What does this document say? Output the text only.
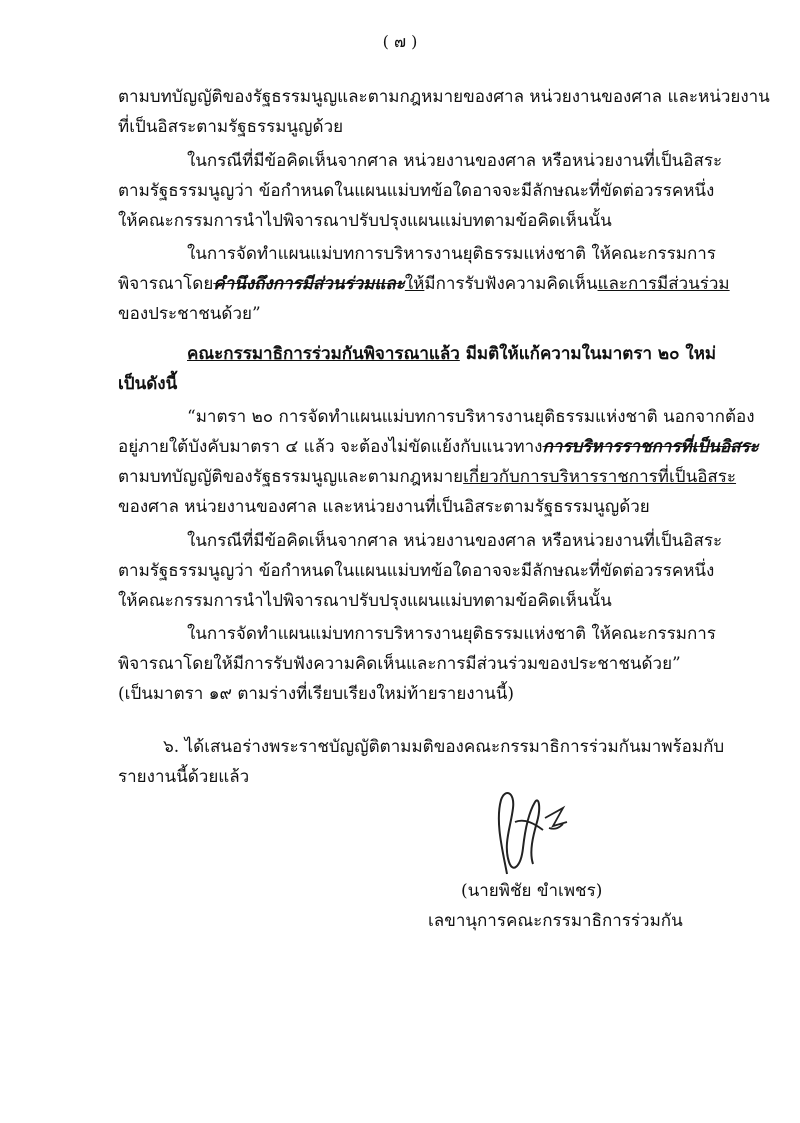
( ๗ )
ตามบทบัญญัติของรัฐธรรมนูญและตามกฎหมายของศาล หน่วยงานของศาล และหน่วยงาน
ที่เป็นอิสระตามรัฐธรรมนูญด้วย
ในกรณีที่มีข้อคิดเห็นจากศาล หน่วยงานของศาล หรือหน่วยงานที่เป็นอิสระ
ตามรัฐธรรมนูญว่า ข้อกำหนดในแผนแม่บทข้อใดอาจจะมีลักษณะที่ขัดต่อวรรคหนึ่ง
ให้คณะกรรมการนำไปพิจารณาปรับปรุงแผนแม่บทตามข้อคิดเห็นนั้น
ในการจัดทำแผนแม่บทการบริหารงานยุติธรรมแห่งชาติ ให้คณะกรรมการ
พิจารณาโดยคำนึงถึงการมีส่วนร่วมและให้มีการรับฟังความคิดเห็นและการมีส่วนร่วม
ของประชาชนด้วย”
คณะกรรมาธิการร่วมกันพิจารณาแล้ว มีมติให้แก้ความในมาตรา ๒๐ ใหม่
เป็นดังนี้
“มาตรา ๒๐ การจัดทำแผนแม่บทการบริหารงานยุติธรรมแห่งชาติ นอกจากต้อง
อยู่ภายใต้บังคับมาตรา ๔ แล้ว จะต้องไม่ขัดแย้งกับแนวทางการบริหารราชการที่เป็นอิสระ
ตามบทบัญญัติของรัฐธรรมนูญและตามกฎหมายเกี่ยวกับการบริหารราชการที่เป็นอิสระ
ของศาล หน่วยงานของศาล และหน่วยงานที่เป็นอิสระตามรัฐธรรมนูญด้วย
ในกรณีที่มีข้อคิดเห็นจากศาล หน่วยงานของศาล หรือหน่วยงานที่เป็นอิสระ
ตามรัฐธรรมนูญว่า ข้อกำหนดในแผนแม่บทข้อใดอาจจะมีลักษณะที่ขัดต่อวรรคหนึ่ง
ให้คณะกรรมการนำไปพิจารณาปรับปรุงแผนแม่บทตามข้อคิดเห็นนั้น
ในการจัดทำแผนแม่บทการบริหารงานยุติธรรมแห่งชาติ ให้คณะกรรมการ
พิจารณาโดยให้มีการรับฟังความคิดเห็นและการมีส่วนร่วมของประชาชนด้วย”
(เป็นมาตรา ๑๙ ตามร่างที่เรียบเรียงใหม่ท้ายรายงานนี้)
๖. ได้เสนอร่างพระราชบัญญัติตามมติของคณะกรรมาธิการร่วมกันมาพร้อมกับ
รายงานนี้ด้วยแล้ว
(นายพิชัย ขำเพชร)
เลขานุการคณะกรรมาธิการร่วมกัน
